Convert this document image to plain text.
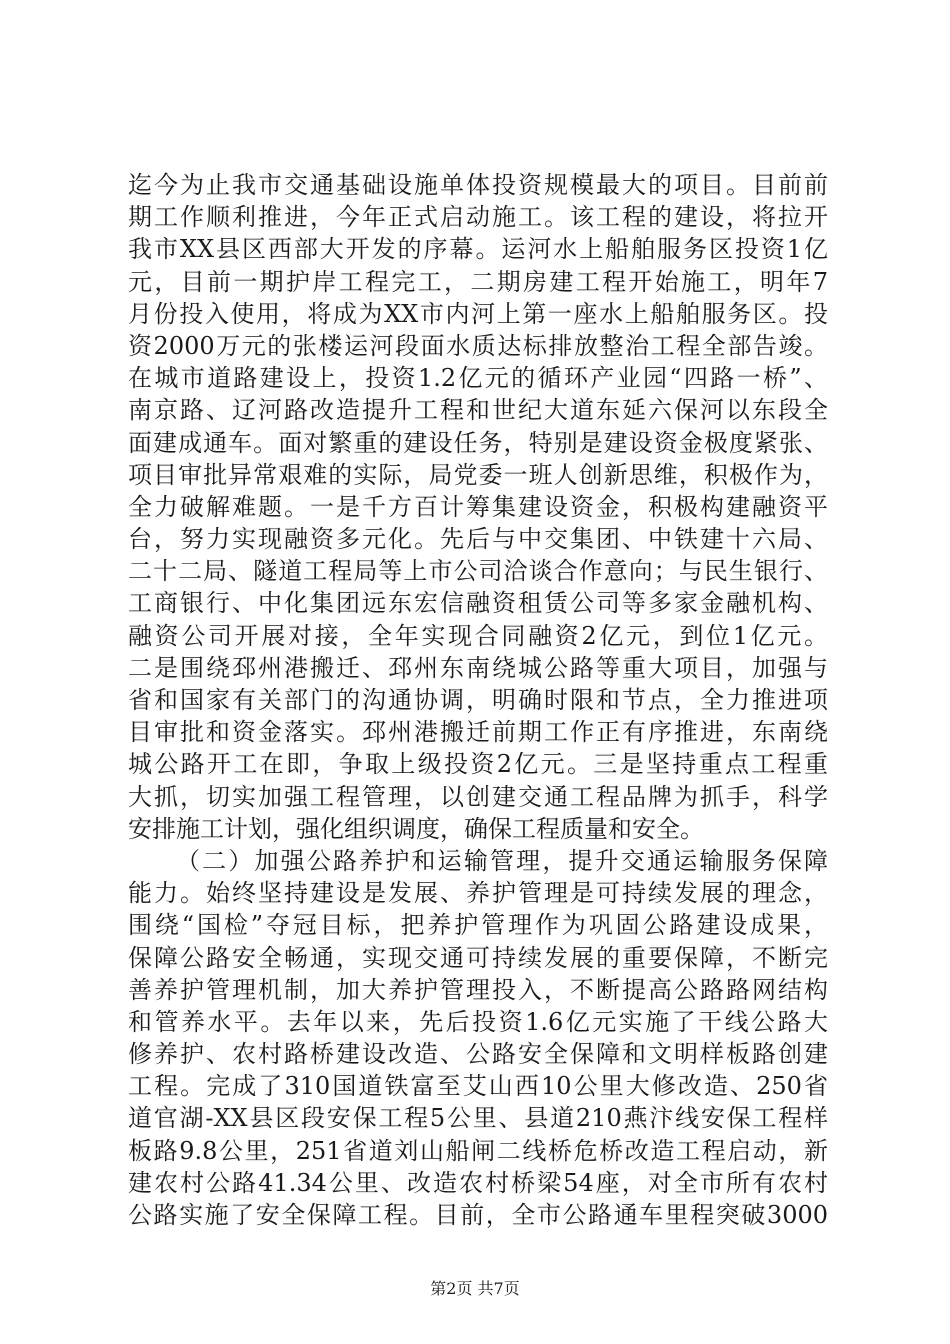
迄今为止我市交通基础设施单体投资规模最大的项目。目前前
期工作顺利推进，今年正式启动施工。该工程的建设，将拉开
我市XX县区西部大开发的序幕。运河水上船舶服务区投资1亿
元，目前一期护岸工程完工，二期房建工程开始施工，明年7
月份投入使用，将成为XX市内河上第一座水上船舶服务区。投
资2000万元的张楼运河段面水质达标排放整治工程全部告竣。
在城市道路建设上，投资1.2亿元的循环产业园“四路一桥”、
南京路、辽河路改造提升工程和世纪大道东延六保河以东段全
面建成通车。面对繁重的建设任务，特别是建设资金极度紧张、
项目审批异常艰难的实际，局党委一班人创新思维，积极作为，
全力破解难题。一是千方百计筹集建设资金，积极构建融资平
台，努力实现融资多元化。先后与中交集团、中铁建十六局、
二十二局、隧道工程局等上市公司洽谈合作意向；与民生银行、
工商银行、中化集团远东宏信融资租赁公司等多家金融机构、
融资公司开展对接，全年实现合同融资2亿元，到位1亿元。
二是围绕邳州港搬迁、邳州东南绕城公路等重大项目，加强与
省和国家有关部门的沟通协调，明确时限和节点，全力推进项
目审批和资金落实。邳州港搬迁前期工作正有序推进，东南绕
城公路开工在即，争取上级投资2亿元。三是坚持重点工程重
大抓，切实加强工程管理，以创建交通工程品牌为抓手，科学
安排施工计划，强化组织调度，确保工程质量和安全。
（二）加强公路养护和运输管理，提升交通运输服务保障
能力。始终坚持建设是发展、养护管理是可持续发展的理念，
围绕“国检”夺冠目标，把养护管理作为巩固公路建设成果，
保障公路安全畅通，实现交通可持续发展的重要保障，不断完
善养护管理机制，加大养护管理投入，不断提高公路路网结构
和管养水平。去年以来，先后投资1.6亿元实施了干线公路大
修养护、农村路桥建设改造、公路安全保障和文明样板路创建
工程。完成了310国道铁富至艾山西10公里大修改造、250省
道官湖-XX县区段安保工程5公里、县道210燕汴线安保工程样
板路9.8公里，251省道刘山船闸二线桥危桥改造工程启动，新
建农村公路41.34公里、改造农村桥梁54座，对全市所有农村
公路实施了安全保障工程。目前，全市公路通车里程突破3000
第2页 共7页
